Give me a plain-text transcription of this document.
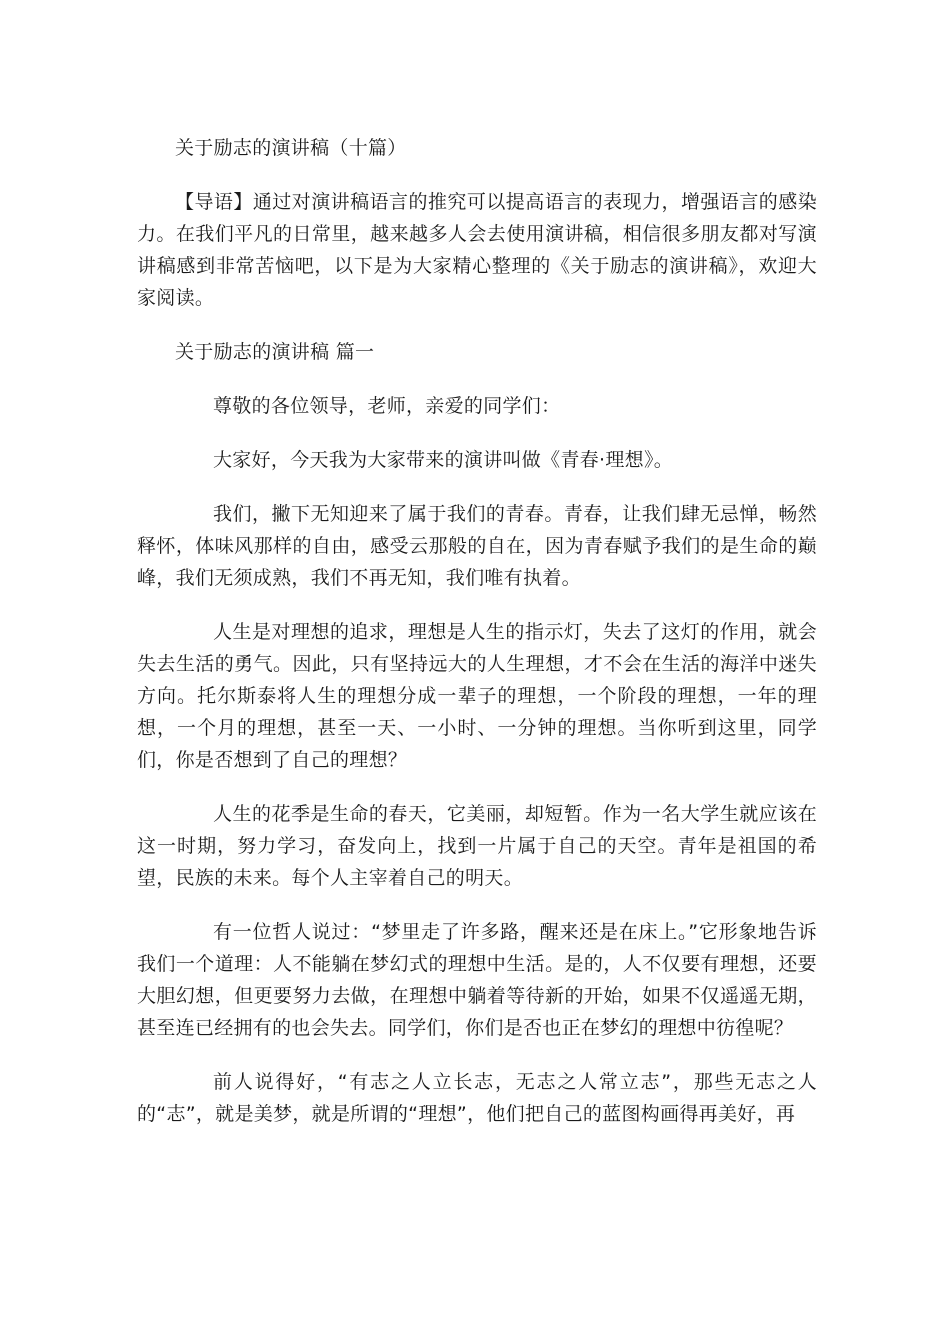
关于励志的演讲稿（十篇）

【导语】通过对演讲稿语言的推究可以提高语言的表现力，增强语言的感染力。在我们平凡的日常里，越来越多人会去使用演讲稿，相信很多朋友都对写演讲稿感到非常苦恼吧，以下是为大家精心整理的《关于励志的演讲稿》，欢迎大家阅读。

关于励志的演讲稿 篇一

尊敬的各位领导，老师，亲爱的同学们：

大家好，今天我为大家带来的演讲叫做《青春·理想》。

我们，撇下无知迎来了属于我们的青春。青春，让我们肆无忌惮，畅然释怀，体味风那样的自由，感受云那般的自在，因为青春赋予我们的是生命的巅峰，我们无须成熟，我们不再无知，我们唯有执着。

人生是对理想的追求，理想是人生的指示灯，失去了这灯的作用，就会失去生活的勇气。因此，只有坚持远大的人生理想，才不会在生活的海洋中迷失方向。托尔斯泰将人生的理想分成一辈子的理想，一个阶段的理想，一年的理想，一个月的理想，甚至一天、一小时、一分钟的理想。当你听到这里，同学们，你是否想到了自己的理想？

人生的花季是生命的春天，它美丽，却短暂。作为一名大学生就应该在这一时期，努力学习，奋发向上，找到一片属于自己的天空。青年是祖国的希望，民族的未来。每个人主宰着自己的明天。

有一位哲人说过：“梦里走了许多路，醒来还是在床上。”它形象地告诉我们一个道理：人不能躺在梦幻式的理想中生活。是的，人不仅要有理想，还要大胆幻想，但更要努力去做，在理想中躺着等待新的开始，如果不仅遥遥无期，甚至连已经拥有的也会失去。同学们，你们是否也正在梦幻的理想中彷徨呢？

前人说得好，“有志之人立长志，无志之人常立志”，那些无志之人的“志”，就是美梦，就是所谓的“理想”，他们把自己的蓝图构画得再美好，再
